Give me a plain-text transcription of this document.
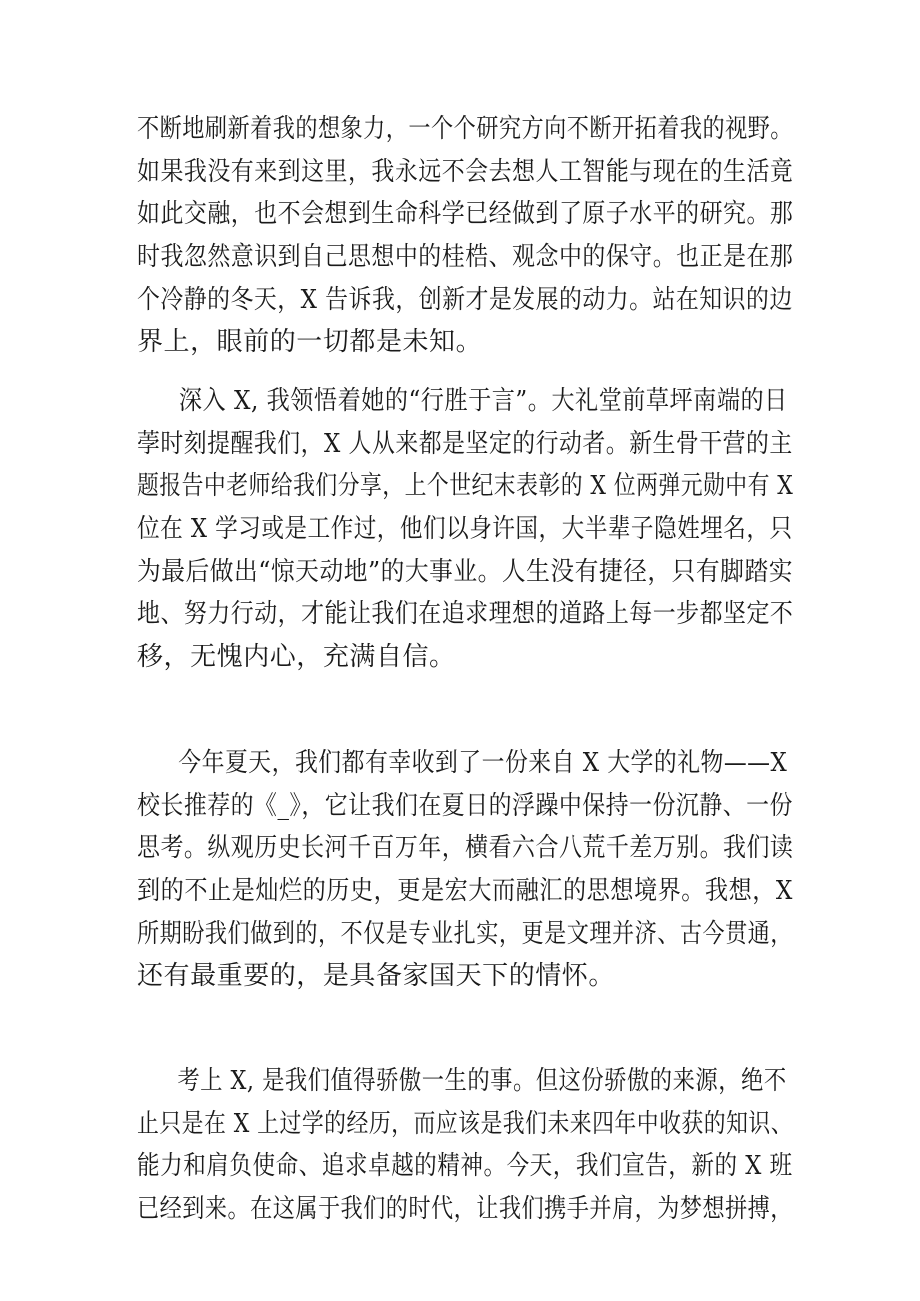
不断地刷新着我的想象力，一个个研究方向不断开拓着我的视野。
如果我没有来到这里，我永远不会去想人工智能与现在的生活竟
如此交融，也不会想到生命科学已经做到了原子水平的研究。那
时我忽然意识到自己思想中的桂梏、观念中的保守。也正是在那
个冷静的冬天，X 告诉我，创新才是发展的动力。站在知识的边
界上，眼前的一切都是未知。
深入 X, 我领悟着她的“行胜于言”。大礼堂前草坪南端的日
荸时刻提醒我们，X 人从来都是坚定的行动者。新生骨干营的主
题报告中老师给我们分享，上个世纪末表彰的 X 位两弹元勋中有 X
位在 X 学习或是工作过，他们以身许国，大半辈子隐姓埋名，只
为最后做出“惊天动地”的大事业。人生没有捷径，只有脚踏实
地、努力行动，才能让我们在追求理想的道路上每一步都坚定不
移，无愧内心，充满自信。
今年夏天，我们都有幸收到了一份来自 X 大学的礼物——X
校长推荐的《_》，它让我们在夏日的浮躁中保持一份沉静、一份
思考。纵观历史长河千百万年，横看六合八荒千差万别。我们读
到的不止是灿烂的历史，更是宏大而融汇的思想境界。我想，X
所期盼我们做到的，不仅是专业扎实，更是文理并济、古今贯通，
还有最重要的，是具备家国天下的情怀。
考上 X, 是我们值得骄傲一生的事。但这份骄傲的来源，绝不
止只是在 X 上过学的经历，而应该是我们未来四年中收获的知识、
能力和肩负使命、追求卓越的精神。今天，我们宣告，新的 X 班
已经到来。在这属于我们的时代，让我们携手并肩，为梦想拼搏，
